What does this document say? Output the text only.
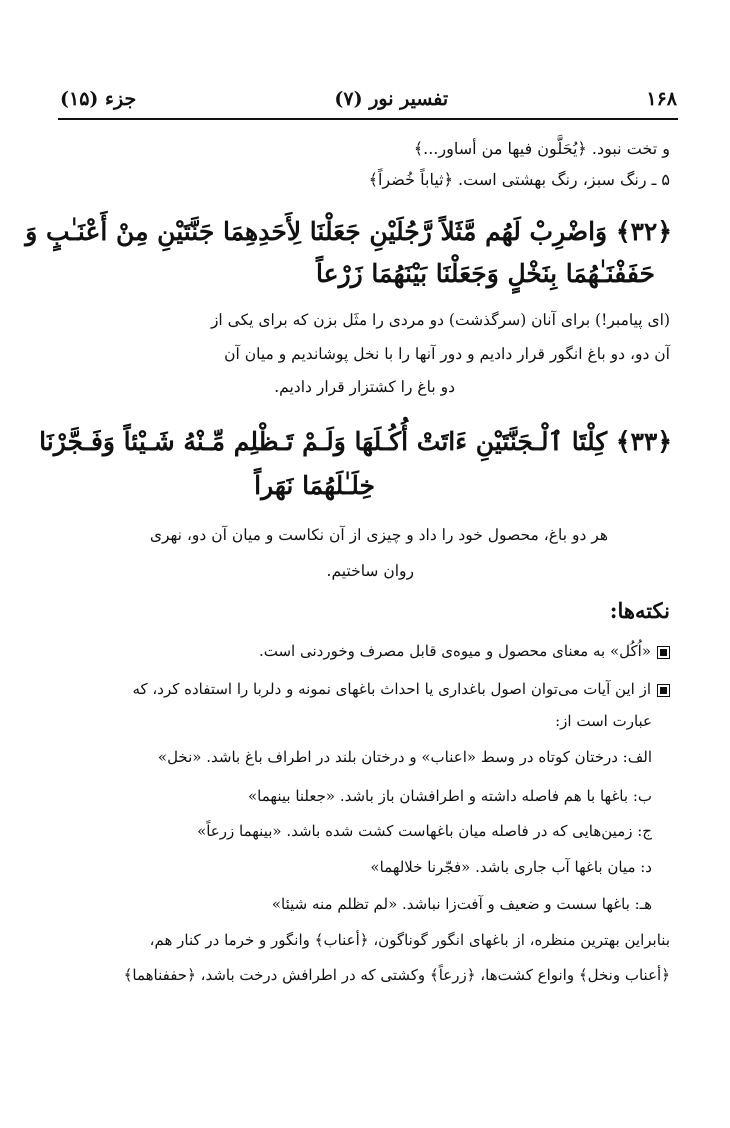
۱۶۸
تفسیر نور (۷)
جزء (۱۵)
و تخت نبود. ﴿يُحَلَّون فيها من أساور...﴾
۵ ـ رنگ سبز، رنگ بهشتی است. ﴿ثياباً خُضراً﴾
﴿۳۲﴾ وَاضْرِبْ لَهُم مَّثَلاً رَّجُلَيْنِ جَعَلْنَا لِأَحَدِهِمَا جَنَّتَيْنِ مِنْ أَعْنَـٰبٍ وَ
حَفَفْنَـٰهُمَا بِنَخْلٍ وَجَعَلْنَا بَيْنَهُمَا زَرْعاً
(ای پیامبر!) برای آنان (سرگذشت) دو مردی را مثَل بزن که برای یکی از
آن دو، دو باغ انگور قرار دادیم و دور آنها را با نخل پوشاندیم و میان آن
دو باغ را کشتزار قرار دادیم.
﴿۳۳﴾ كِلْتَا ٱلْـجَنَّتَيْنِ ءَاتَتْ أُكُـلَهَا وَلَـمْ تَـظْلِم مِّـنْهُ شَـيْئاً وَفَـجَّرْنَا
خِلَـٰلَهُمَا نَهَراً
هر دو باغ، محصول خود را داد و چیزی از آن نکاست و میان آن دو، نهری
روان ساختیم.
نکته‌ها:
«اُكُل» به معنای محصول و میوه‌ی قابل مصرف وخوردنی است.
از این آیات می‌توان اصول باغداری یا احداث باغهای نمونه و دلربا را استفاده کرد، که
عبارت است از:
الف: درختان کوتاه در وسط «اعناب» و درختان بلند در اطراف باغ باشد. «نخل»
ب: باغها با هم فاصله داشته و اطرافشان باز باشد. «جعلنا بينهما»
ج: زمین‌هایی که در فاصله میان باغهاست کشت شده باشد. «بينهما زرعاً»
د: میان باغها آب جاری باشد. «فجّرنا خلالهما»
هـ: باغها سست و ضعیف و آفت‌زا نباشد. «لم تظلم منه شيئا»
بنابراین بهترین منظره، از باغهای انگور گوناگون، ﴿أعناب﴾ وانگور و خرما در کنار هم،
﴿أعناب ونخل﴾ وانواع کشت‌ها، ﴿زرعاً﴾ وکشتی که در اطرافش درخت باشد، ﴿حففناهما﴾
